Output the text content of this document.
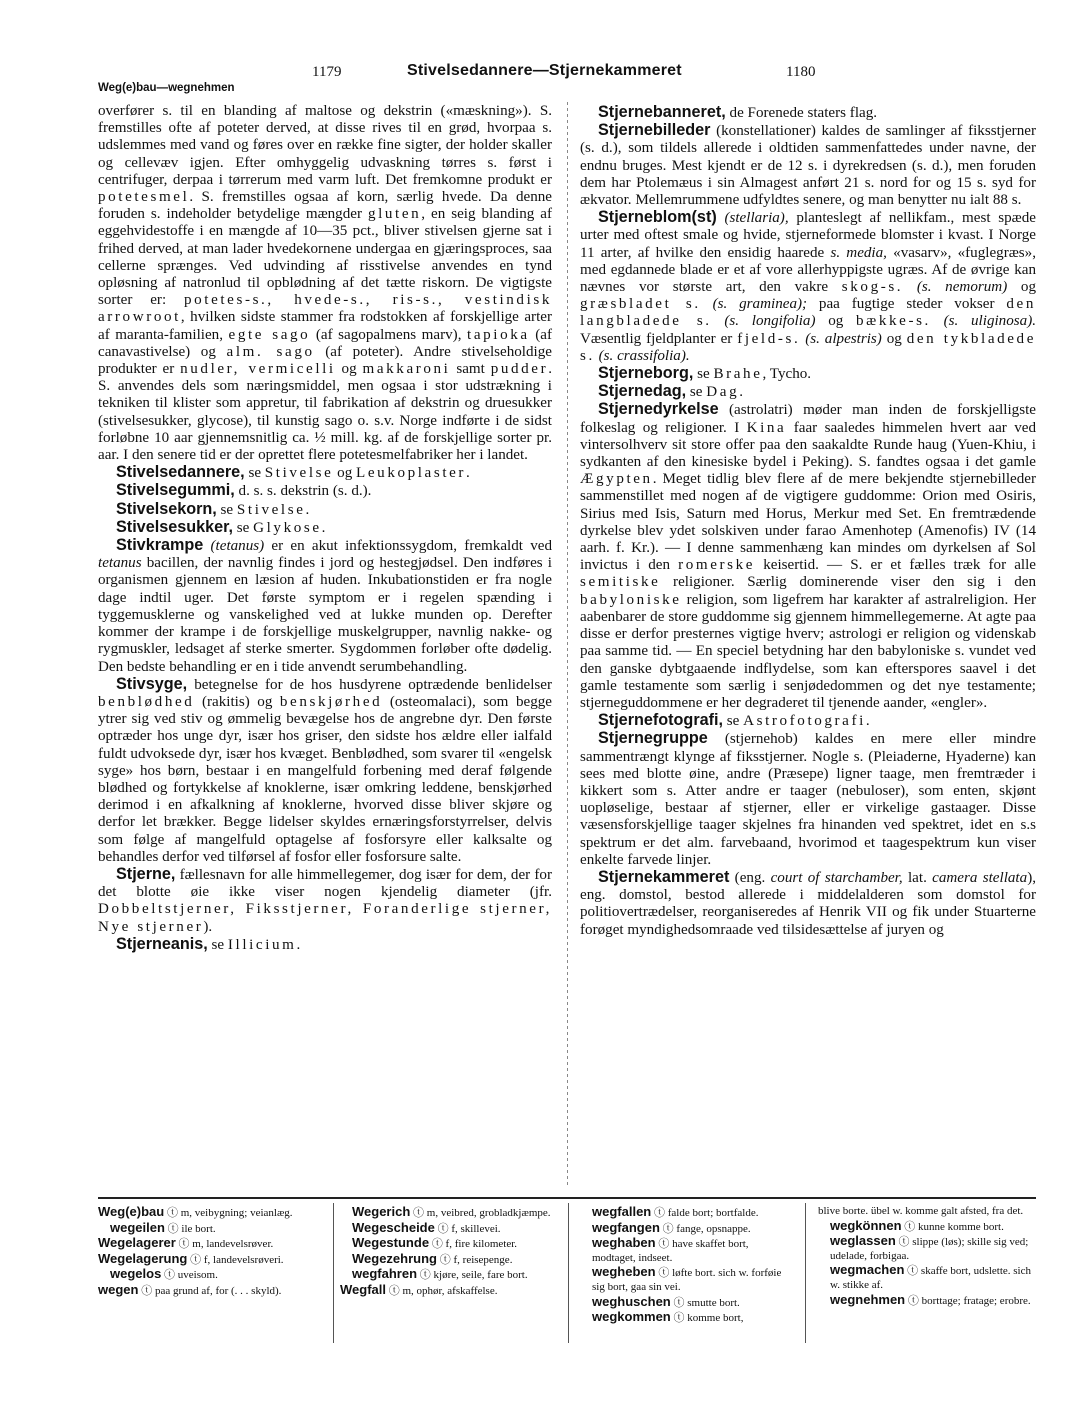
Weg(e)bau—wegnehmen
1179	Stivelsedannere—Stjernekammeret	1180

overfører s. til en blanding af maltose og dekstrin («mæskning»). S. fremstilles ofte af poteter derved, at disse rives til en grød, hvorpaa s. udslemmes med vand og føres over en række fine sigter, der holder skaller og cellevæv igjen. Efter omhyggelig udvaskning tørres s. først i centrifuger, derpaa i tørrerum med varm luft. Det fremkomne produkt er potetesmel. S. fremstilles ogsaa af korn, særlig hvede. Da denne foruden s. indeholder betydelige mængder gluten, en seig blanding af eggehvidestoffe i en mængde af 10—35 pct., bliver stivelsen gjerne sat i frihed derved, at man lader hvedekornene undergaa en gjæringsproces, saa cellerne sprænges. Ved udvinding af risstivelse anvendes en tynd opløsning af natronlud til opblødning af det tætte riskorn. De vigtigste sorter er: potetes-s., hvede-s., ris-s., vestindisk arrowroot, hvilken sidste stammer fra rodstokken af forskjellige arter af maranta-familien, egte sago (af sagopalmens marv), tapioka (af canavastivelse) og alm. sago (af poteter). Andre stivelseholdige produkter er nudler, vermicelli og makkaroni samt pudder. S. anvendes dels som næringsmiddel, men ogsaa i stor udstrækning i tekniken til klister som appretur, til fabrikation af dekstrin og druesukker (stivelsesukker, glycose), til kunstig sago o. s.v. Norge indførte i de sidst forløbne 10 aar gjennemsnitlig ca. ½ mill. kg. af de forskjellige sorter pr. aar. I den senere tid er der oprettet flere potetesmelfabriker her i landet.

Stivelsedannere, se Stivelse og Leukoplaster.

Stivelsegummi, d. s. s. dekstrin (s. d.).

Stivelsekorn, se Stivelse.

Stivelsesukker, se Glykose.

Stivkrampe (tetanus) er en akut infektionssygdom, fremkaldt ved tetanus bacillen, der navnlig findes i jord og hestegjødsel. Den indføres i organismen gjennem en læsion af huden. Inkubationstiden er fra nogle dage indtil uger. Det første symptom er i regelen spænding i tyggemusklerne og vanskelighed ved at lukke munden op. Derefter kommer der krampe i de forskjellige muskelgrupper, navnlig nakke- og rygmuskler, ledsaget af sterke smerter. Sygdommen forløber ofte dødelig. Den bedste behandling er en i tide anvendt serumbehandling.

Stivsyge, betegnelse for de hos husdyrene optrædende benlidelser benblødhed (rakitis) og benskjørhed (osteomalaci), som begge ytrer sig ved stiv og ømmelig bevægelse hos de angrebne dyr. Den første optræder hos unge dyr, især hos griser, den sidste hos ældre eller ialfald fuldt udvoksede dyr, især hos kvæget. Benblødhed, som svarer til «engelsk syge» hos børn, bestaar i en mangelfuld forbening med deraf følgende blødhed og fortykkelse af knoklerne, især omkring leddene, benskjørhed derimod i en afkalkning af knoklerne, hvorved disse bliver skjøre og derfor let brækker. Begge lidelser skyldes ernæringsforstyrrelser, delvis som følge af mangelfuld optagelse af fosforsyre eller kalksalte og behandles derfor ved tilførsel af fosfor eller fosforsure salte.

Stjerne, fællesnavn for alle himmellegemer, dog især for dem, der for det blotte øie ikke viser nogen kjendelig diameter (jfr. Dobbeltstjerner, Fiksstjerner, Foranderlige stjerner, Nye stjerner).

Stjerneanis, se Illicium.

Stjernebanneret, de Forenede staters flag.

Stjernebilleder (konstellationer) kaldes de samlinger af fiksstjerner (s. d.), som tildels allerede i oldtiden sammenfattedes under navne, der endnu bruges. Mest kjendt er de 12 s. i dyrekredsen (s. d.), men foruden dem har Ptolemæus i sin Almagest anført 21 s. nord for og 15 s. syd for ækvator. Mellemrummene udfyldtes senere, og man benytter nu ialt 88 s.

Stjerneblom(st) (stellaria), planteslegt af nellikfam., mest spæde urter med oftest smale og hvide, stjerneformede blomster i kvast. I Norge 11 arter, af hvilke den ensidig haarede s. media, «vasarv», «fuglegræs», med egdannede blade er et af vore allerhyppigste ugræs. Af de øvrige kan nævnes vor største art, den vakre skog-s. (s. nemorum) og græsbladet s. (s. graminea); paa fugtige steder vokser den langbladede s. (s. longifolia) og bække-s. (s. uliginosa). Væsentlig fjeldplanter er fjeld-s. (s. alpestris) og den tykbladede s. (s. crassifolia).

Stjerneborg, se Brahe, Tycho.

Stjernedag, se Dag.

Stjernedyrkelse (astrolatri) møder man inden de forskjelligste folkeslag og religioner. I Kina faar saaledes himmelen hvert aar ved vintersolhverv sit store offer paa den saakaldte Runde haug (Yuen-Khiu, i sydkanten af den kinesiske bydel i Peking). S. fandtes ogsaa i det gamle Ægypten. Meget tidlig blev flere af de mere bekjendte stjernebilleder sammenstillet med nogen af de vigtigere guddomme: Orion med Osiris, Sirius med Isis, Saturn med Horus, Merkur med Set. En fremtrædende dyrkelse blev ydet solskiven under farao Amenhotep (Amenofis) IV (14 aarh. f. Kr.). — I denne sammenhæng kan mindes om dyrkelsen af Sol invictus i den romerske keisertid. — S. er et fælles træk for alle semitiske religioner. Særlig dominerende viser den sig i den babyloniske religion, som ligefrem har karakter af astralreligion. Her aabenbarer de store guddomme sig gjennem himmellegemerne. At agte paa disse er derfor presternes vigtige hverv; astrologi er religion og videnskab paa samme tid. — En speciel betydning har den babyloniske s. vundet ved den ganske dybtgaaende indflydelse, som kan efterspores saavel i det gamle testamente som særlig i senjødedommen og det nye testamente; stjerneguddommene er her degraderet til tjenende aander, «engler».

Stjernefotografi, se Astrofotografi.

Stjernegruppe (stjernehob) kaldes en mere eller mindre sammentrængt klynge af fiksstjerner. Nogle s. (Pleiaderne, Hyaderne) kan sees med blotte øine, andre (Præsepe) ligner taage, men fremtræder i kikkert som s. Atter andre er taager (nebuloser), som enten, skjønt uopløselige, bestaar af stjerner, eller er virkelige gastaager. Disse væsensforskjellige taager skjelnes fra hinanden ved spektret, idet en s.s spektrum er det alm. farvebaand, hvorimod et taagespektrum kun viser enkelte farvede linjer.

Stjernekammeret (eng. court of starchamber, lat. camera stellata), eng. domstol, bestod allerede i middelalderen som domstol for politiovertrædelser, reorganiseredes af Henrik VII og fik under Stuarterne forøget myndighedsomraade ved tilsidesættelse af juryen og

Weg(e)bau ⓣ m, veibygning; veianlæg.
wegeilen ⓣ ile bort.
Wegelagerer ⓣ m, landevelsrøver.
Wegelagerung ⓣ f, landevelsrøveri.
wegelos ⓣ uveisom.
wegen ⓣ paa grund af, for (. . . skyld).
Wegerich ⓣ m, veibred, grobladkjæmpe.
Wegescheide ⓣ f, skillevei.
Wegestunde ⓣ f, fire kilometer.
Wegezehrung ⓣ f, reisepenge.
wegfahren ⓣ kjøre, seile, fare bort.
Wegfall ⓣ m, ophør, afskaffelse.
wegfallen ⓣ falde bort; bortfalde.
wegfangen ⓣ fange, opsnappe.
weghaben ⓣ have skaffet bort, modtaget, indseet.
wegheben ⓣ løfte bort. sich w. forføie sig bort, gaa sin vei.
weghuschen ⓣ smutte bort.
wegkommen ⓣ komme bort,
blive borte. übel w. komme galt afsted, fra det.
wegkönnen ⓣ kunne komme bort.
weglassen ⓣ slippe (løs); skille sig ved; udelade, forbigaa.
wegmachen ⓣ skaffe bort, udslette. sich w. stikke af.
wegnehmen ⓣ borttage; fratage; erobre.
